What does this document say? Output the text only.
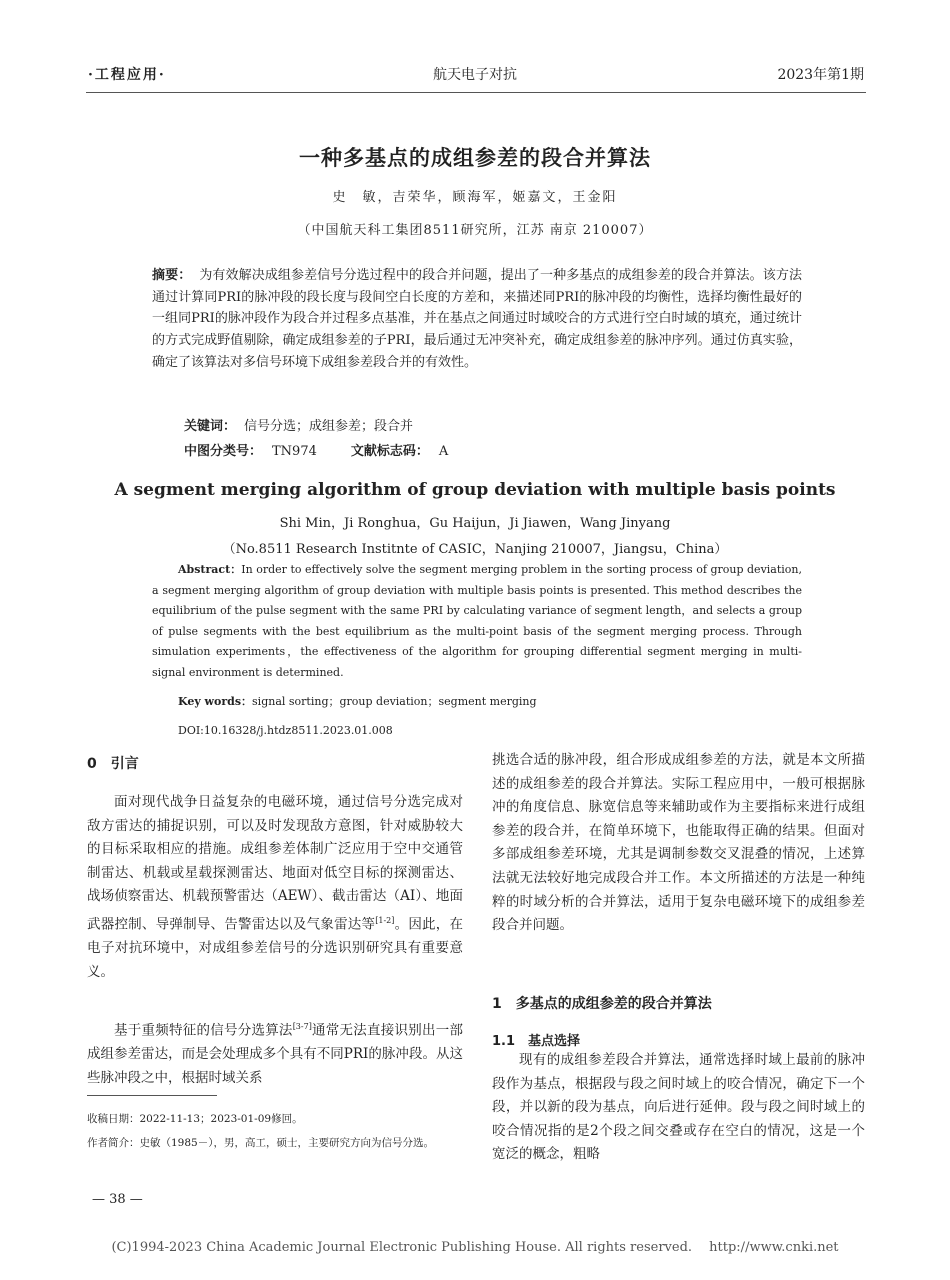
·工程应用·	航天电子对抗	2023年第1期
一种多基点的成组参差的段合并算法
史　敏，吉荣华，顾海军，姬嘉文，王金阳
（中国航天科工集团8511研究所，江苏 南京 210007）

摘要： 为有效解决成组参差信号分选过程中的段合并问题，提出了一种多基点的成组参差的段合并算法。该方法通过计算同PRI的脉冲段的段长度与段间空白长度的方差和，来描述同PRI的脉冲段的均衡性，选择均衡性最好的一组同PRI的脉冲段作为段合并过程多点基准，并在基点之间通过时域咬合的方式进行空白时域的填充，通过统计的方式完成野值剔除，确定成组参差的子PRI，最后通过无冲突补充，确定成组参差的脉冲序列。通过仿真实验，确定了该算法对多信号环境下成组参差段合并的有效性。

关键词： 信号分选；成组参差；段合并
中图分类号： TN974	文献标志码： A
A segment merging algorithm of group deviation with multiple basis points
Shi Min，Ji Ronghua，Gu Haijun，Ji Jiawen，Wang Jinyang
（No.8511 Research Institnte of CASIC，Nanjing 210007，Jiangsu，China）

Abstract：In order to effectively solve the segment merging problem in the sorting process of group deviation, a segment merging algorithm of group deviation with multiple basis points is presented. This method describes the equilibrium of the pulse segment with the same PRI by calculating variance of segment length，and selects a group of pulse segments with the best equilibrium as the multi-point basis of the segment merging process. Through simulation experiments，the effectiveness of the algorithm for grouping differential segment merging in multi-signal environment is determined.

Key words：signal sorting；group deviation；segment merging
DOI:10.16328/j.htdz8511.2023.01.008
0　引言

面对现代战争日益复杂的电磁环境，通过信号分选完成对敌方雷达的捕捉识别，可以及时发现敌方意图，针对威胁较大的目标采取相应的措施。成组参差体制广泛应用于空中交通管制雷达、机载或星载探测雷达、地面对低空目标的探测雷达、战场侦察雷达、机载预警雷达（AEW）、截击雷达（AI）、地面武器控制、导弹制导、告警雷达以及气象雷达等[1-2]。因此，在电子对抗环境中，对成组参差信号的分选识别研究具有重要意义。

基于重频特征的信号分选算法[3-7]通常无法直接识别出一部成组参差雷达，而是会处理成多个具有不同PRI的脉冲段。从这些脉冲段之中，根据时域关系

收稿日期：2022-11-13；2023-01-09修回。
作者简介：史敏（1985－），男，高工，硕士，主要研究方向为信号分选。
— 38 —

挑选合适的脉冲段，组合形成成组参差的方法，就是本文所描述的成组参差的段合并算法。实际工程应用中，一般可根据脉冲的角度信息、脉宽信息等来辅助或作为主要指标来进行成组参差的段合并，在简单环境下，也能取得正确的结果。但面对多部成组参差环境，尤其是调制参数交叉混叠的情况，上述算法就无法较好地完成段合并工作。本文所描述的方法是一种纯粹的时域分析的合并算法，适用于复杂电磁环境下的成组参差段合并问题。

1　多基点的成组参差的段合并算法
1.1　基点选择

现有的成组参差段合并算法，通常选择时域上最前的脉冲段作为基点，根据段与段之间时域上的咬合情况，确定下一个段，并以新的段为基点，向后进行延伸。段与段之间时域上的咬合情况指的是2个段之间交叠或存在空白的情况，这是一个宽泛的概念，粗略

(C)1994-2023 China Academic Journal Electronic Publishing House. All rights reserved.　 http://www.cnki.net
